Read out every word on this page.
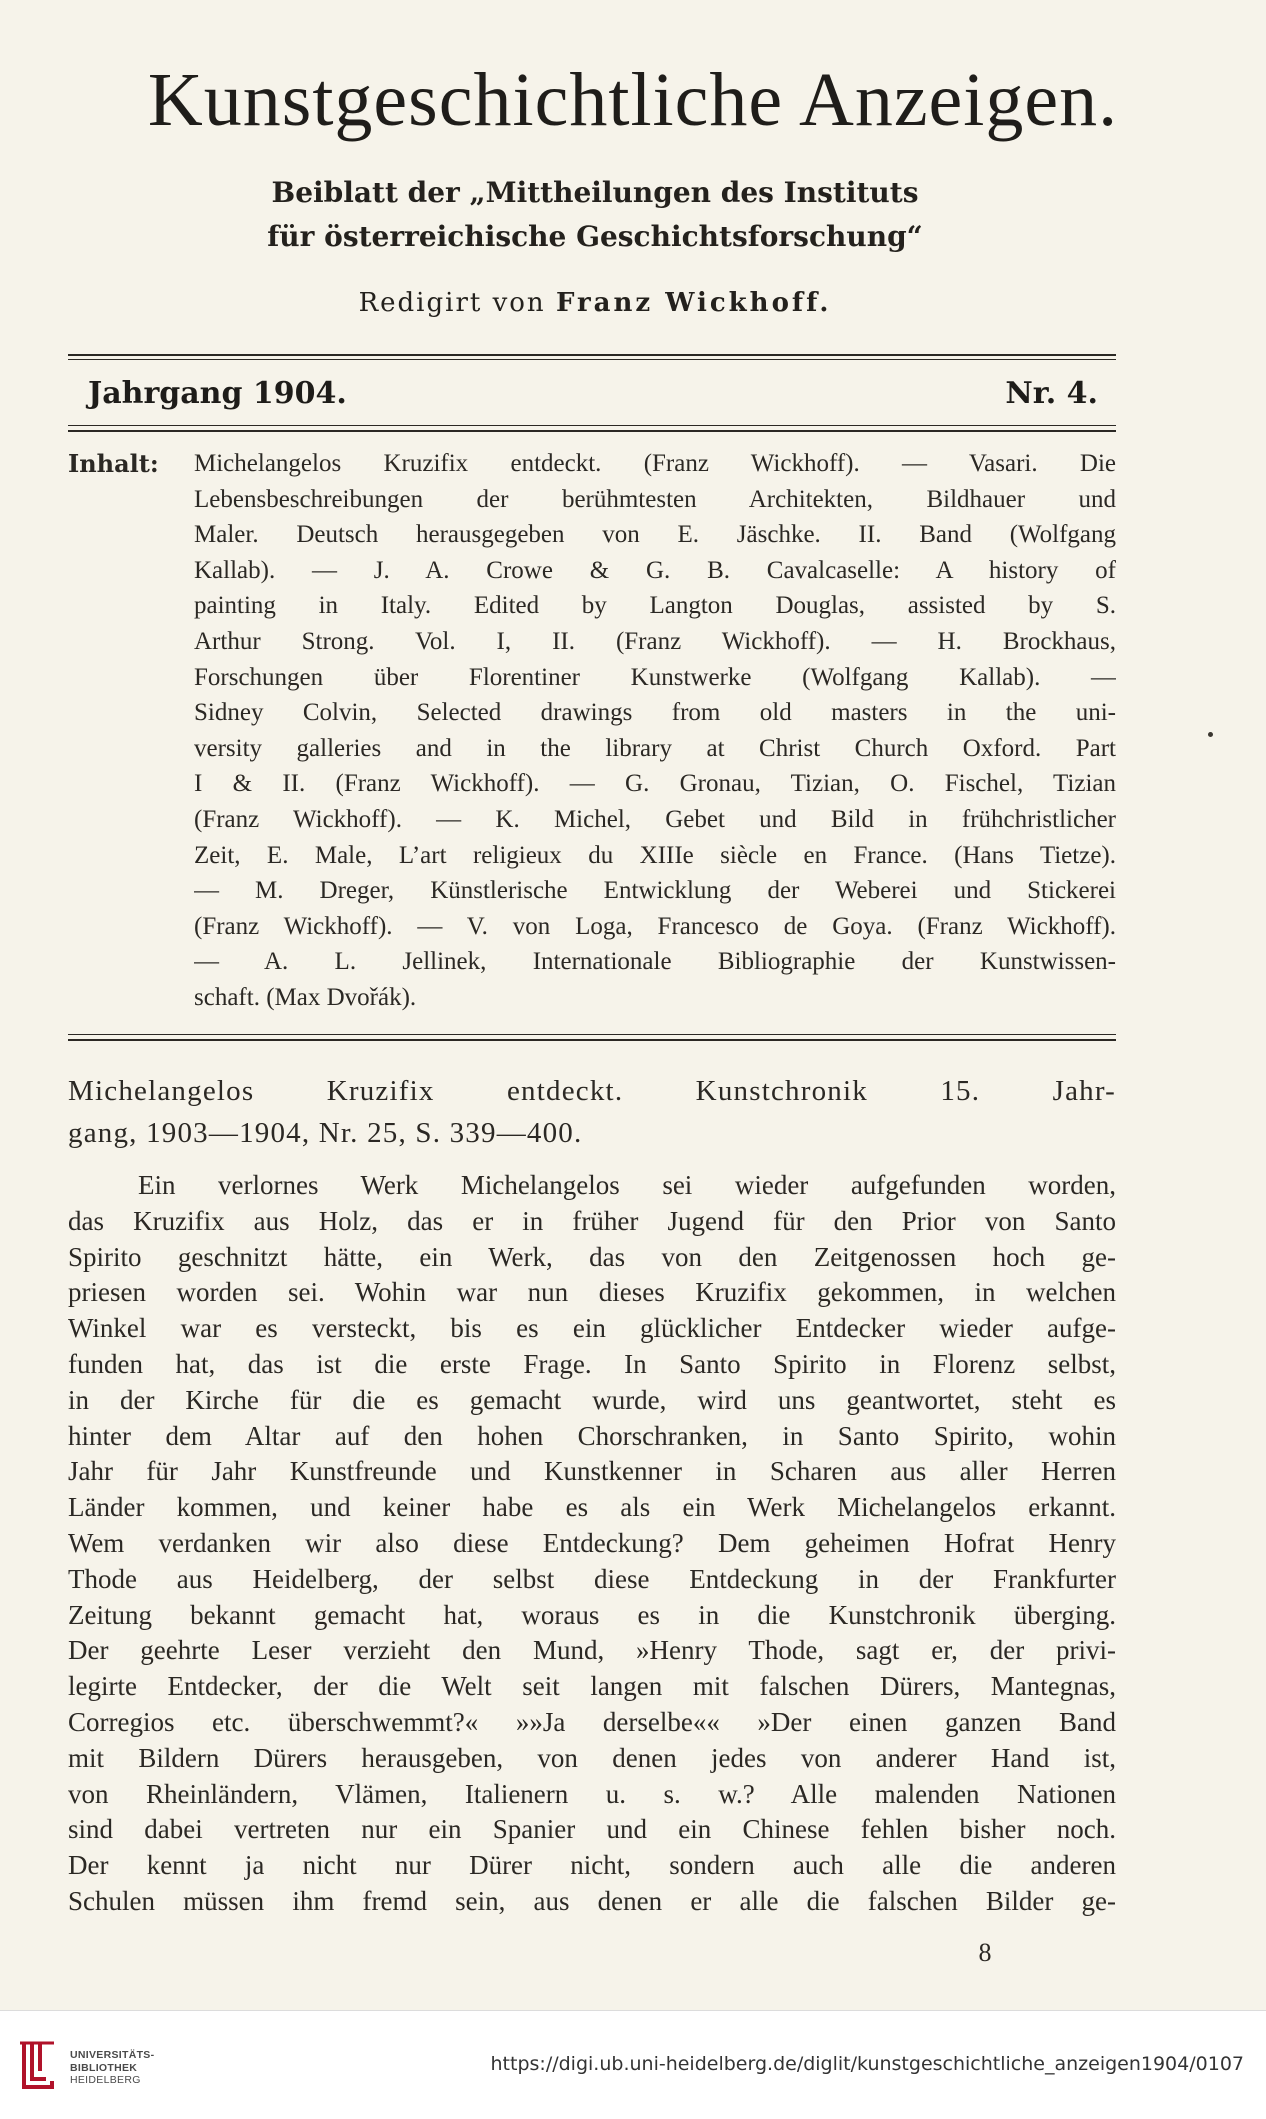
Kunstgeschichtliche Anzeigen.
Beiblatt der „Mittheilungen des Instituts
für österreichische Geschichtsforschung“
Redigirt von Franz Wickhoff.
Jahrgang 1904.	Nr. 4.
Inhalt: Michelangelos Kruzifix entdeckt. (Franz Wickhoff). — Vasari. Die
Lebensbeschreibungen der berühmtesten Architekten, Bildhauer und
Maler. Deutsch herausgegeben von E. Jäschke. II. Band (Wolfgang
Kallab). — J. A. Crowe & G. B. Cavalcaselle: A history of
painting in Italy. Edited by Langton Douglas, assisted by S.
Arthur Strong. Vol. I, II. (Franz Wickhoff). — H. Brockhaus,
Forschungen über Florentiner Kunstwerke (Wolfgang Kallab). —
Sidney Colvin, Selected drawings from old masters in the uni-
versity galleries and in the library at Christ Church Oxford. Part
I & II. (Franz Wickhoff). — G. Gronau, Tizian, O. Fischel, Tizian
(Franz Wickhoff). — K. Michel, Gebet und Bild in frühchristlicher
Zeit, E. Male, L’art religieux du XIIIe siècle en France. (Hans Tietze).
— M. Dreger, Künstlerische Entwicklung der Weberei und Stickerei
(Franz Wickhoff). — V. von Loga, Francesco de Goya. (Franz Wickhoff).
— A. L. Jellinek, Internationale Bibliographie der Kunstwissen-
schaft. (Max Dvořák).
Michelangelos Kruzifix entdeckt. Kunstchronik 15. Jahr-
gang, 1903—1904, Nr. 25, S. 339—400.
Ein verlornes Werk Michelangelos sei wieder aufgefunden worden,
das Kruzifix aus Holz, das er in früher Jugend für den Prior von Santo
Spirito geschnitzt hätte, ein Werk, das von den Zeitgenossen hoch ge-
priesen worden sei. Wohin war nun dieses Kruzifix gekommen, in welchen
Winkel war es versteckt, bis es ein glücklicher Entdecker wieder aufge-
funden hat, das ist die erste Frage. In Santo Spirito in Florenz selbst,
in der Kirche für die es gemacht wurde, wird uns geantwortet, steht es
hinter dem Altar auf den hohen Chorschranken, in Santo Spirito, wohin
Jahr für Jahr Kunstfreunde und Kunstkenner in Scharen aus aller Herren
Länder kommen, und keiner habe es als ein Werk Michelangelos erkannt.
Wem verdanken wir also diese Entdeckung? Dem geheimen Hofrat Henry
Thode aus Heidelberg, der selbst diese Entdeckung in der Frankfurter
Zeitung bekannt gemacht hat, woraus es in die Kunstchronik überging.
Der geehrte Leser verzieht den Mund, »Henry Thode, sagt er, der privi-
legirte Entdecker, der die Welt seit langen mit falschen Dürers, Mantegnas,
Corregios etc. überschwemmt?« »»Ja derselbe«« »Der einen ganzen Band
mit Bildern Dürers herausgeben, von denen jedes von anderer Hand ist,
von Rheinländern, Vlämen, Italienern u. s. w.? Alle malenden Nationen
sind dabei vertreten nur ein Spanier und ein Chinese fehlen bisher noch.
Der kennt ja nicht nur Dürer nicht, sondern auch alle die anderen
Schulen müssen ihm fremd sein, aus denen er alle die falschen Bilder ge-
8
UNIVERSITÄTS-
BIBLIOTHEK
HEIDELBERG
https://digi.ub.uni-heidelberg.de/diglit/kunstgeschichtliche_anzeigen1904/0107
